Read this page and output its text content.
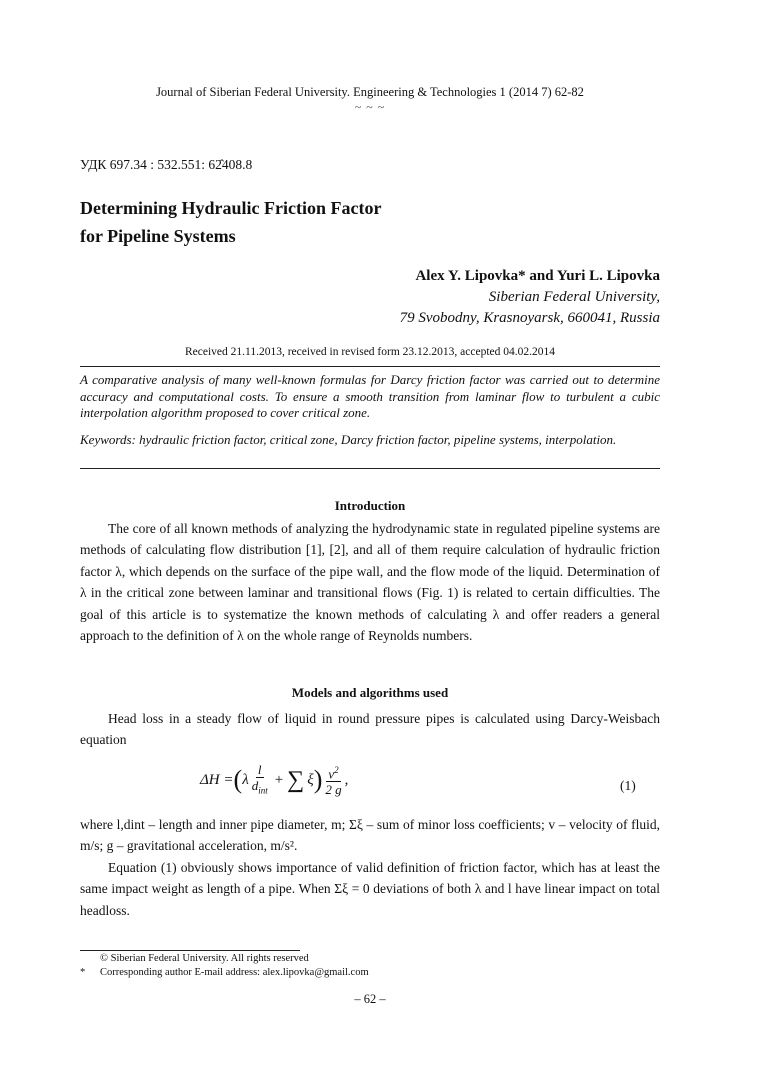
Journal of Siberian Federal University. Engineering & Technologies 1 (2014 7) 62-82
~ ~ ~
УДК 697.34 : 532.551: 62̂408.8
Determining Hydraulic Friction Factor
for Pipeline Systems
Alex Y. Lipovka* and Yuri L. Lipovka
Siberian Federal University,
79 Svobodny, Krasnoyarsk, 660041, Russia
Received 21.11.2013, received in revised form 23.12.2013, accepted 04.02.2014
A comparative analysis of many well-known formulas for Darcy friction factor was carried out to determine accuracy and computational costs. To ensure a smooth transition from laminar flow to turbulent a cubic interpolation algorithm proposed to cover critical zone.
Keywords: hydraulic friction factor, critical zone, Darcy friction factor, pipeline systems, interpolation.
Introduction
The core of all known methods of analyzing the hydrodynamic state in regulated pipeline systems are methods of calculating flow distribution [1], [2], and all of them require calculation of hydraulic friction factor λ, which depends on the surface of the pipe wall, and the flow mode of the liquid. Determination of λ in the critical zone between laminar and transitional flows (Fig. 1) is related to certain difficulties. The goal of this article is to systematize the known methods of calculating λ and offer readers a general approach to the definition of λ on the whole range of Reynolds numbers.
Models and algorithms used
Head loss in a steady flow of liquid in round pressure pipes is calculated using Darcy-Weisbach equation
ΔH = ( λ $\frac{l}{d_{int}}$ + ∑ ξ ) $\frac{v^2}{2 g}$ ,	(1)
where l,dint – length and inner pipe diameter, m; Σξ – sum of minor loss coefficients; v – velocity of fluid, m/s; g – gravitational acceleration, m/s².
Equation (1) obviously shows importance of valid definition of friction factor, which has at least the same impact weight as length of a pipe. When Σξ = 0 deviations of both λ and l have linear impact on total headloss.
© Siberian Federal University. All rights reserved
* Corresponding author E-mail address: alex.lipovka@gmail.com
– 62 –
